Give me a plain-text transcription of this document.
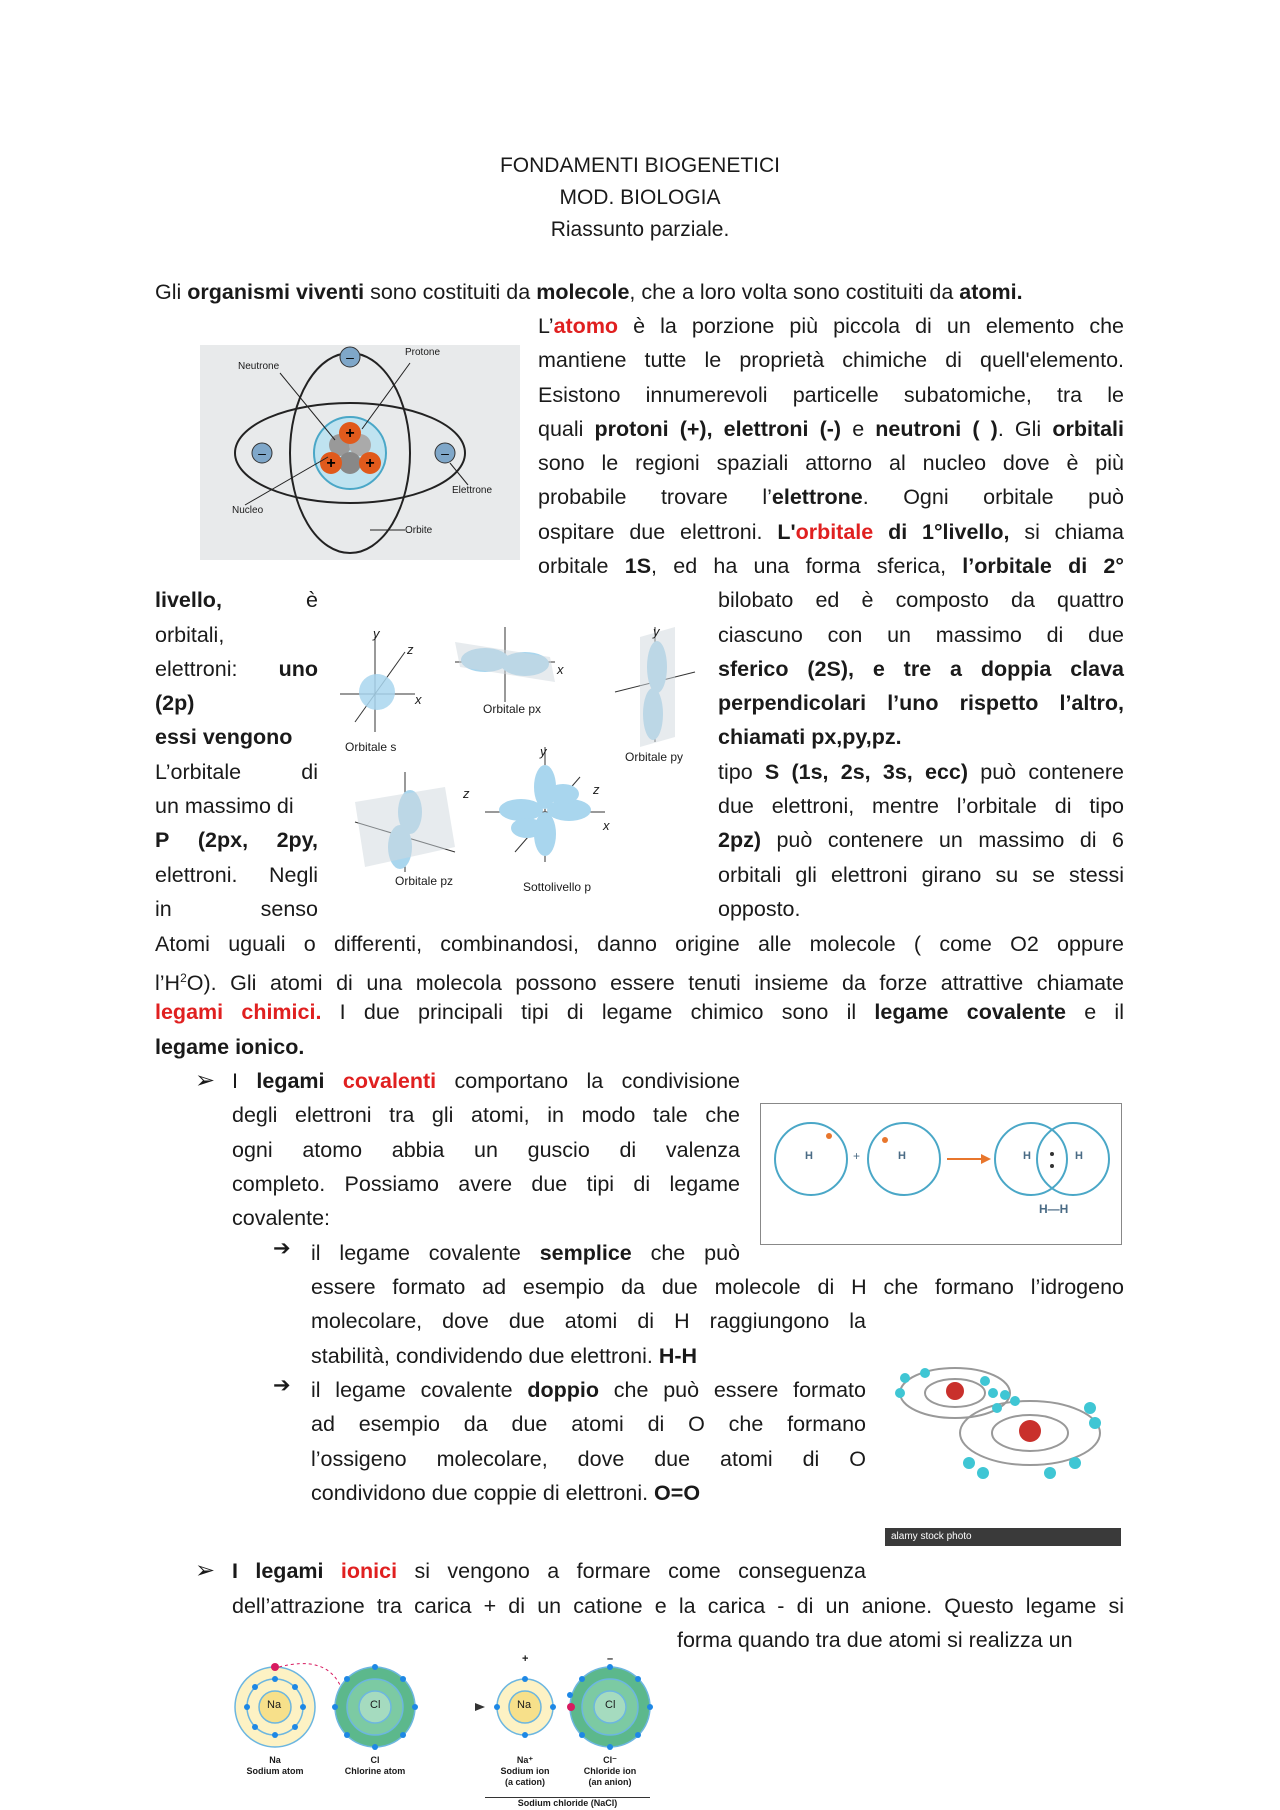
FONDAMENTI BIOGENETICI
MOD. BIOLOGIA
Riassunto parziale.
Gli organismi viventi sono costituiti da molecole, che a loro volta sono costituiti da atomi.
+
+ +
–
–	–
Neutrone
Protone
Elettrone
Nucleo
Orbite
L’atomo è la porzione più piccola di un elemento che
mantiene tutte le proprietà chimiche di quell'elemento.
Esistono innumerevoli particelle subatomiche, tra le
quali protoni (+), elettroni (-) e neutroni ( ). Gli orbitali
sono le regioni spaziali attorno al nucleo dove è più
probabile trovare l’elettrone. Ogni orbitale può
ospitare due elettroni. L'orbitale di 1°livello, si chiama
orbitale 1S, ed ha una forma sferica, l’orbitale di 2°
livello,	è
orbitali,
elettroni: uno
(2p)
essi vengono
L’orbitale	di
un massimo di
P (2px, 2py,
elettroni. Negli
in	senso
y
z
x
Orbitale s
x
Orbitale px
y
Orbitale py
y
z
x
z
Orbitale pz	Sottolivello p
bilobato ed è composto da quattro
ciascuno con un massimo di due
sferico (2S), e tre a doppia clava
perpendicolari l’uno rispetto l’altro,
chiamati px,py,pz.
tipo S (1s, 2s, 3s, ecc) può contenere
due elettroni, mentre l’orbitale di tipo
2pz) può contenere un massimo di 6
orbitali gli elettroni girano su se stessi
opposto.
Atomi uguali o differenti, combinandosi, danno origine alle molecole ( come O2 oppure
$l’H^2O$). Gli atomi di una molecola possono essere tenuti insieme da forze attrattive chiamate
legami chimici. I due principali tipi di legame chimico sono il legame covalente e il
legame ionico.
➢ I legami covalenti comportano la condivisione
degli elettroni tra gli atomi, in modo tale che
ogni atomo abbia un guscio di valenza
completo. Possiamo avere due tipi di legame
covalente:
H	+	H	H	H
H—H
➔ il legame covalente semplice che può
essere formato ad esempio da due molecole di H che formano l’idrogeno
molecolare, dove due atomi di H raggiungono la
stabilità, condividendo due elettroni. H-H
➔ il legame covalente doppio che può essere formato
ad esempio da due atomi di O che formano
l’ossigeno molecolare, dove due atomi di O
condividono due coppie di elettroni. O=O
alamy stock photo
➢ I legami ionici si vengono a formare come conseguenza
dell’attrazione tra carica + di un catione e la carica - di un anione. Questo legame si
forma quando tra due atomi si realizza un
Na	Cl	Na	Cl
+	–
Na
Sodium atom
Cl
Chlorine atom
Na⁺
Sodium ion
(a cation)
Cl⁻
Chloride ion
(an anion)
Sodium chloride (NaCl)
